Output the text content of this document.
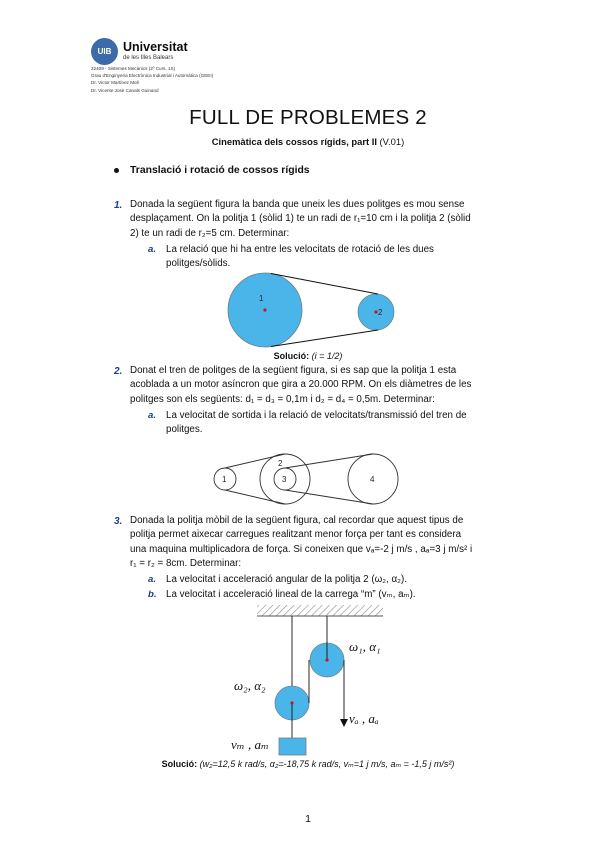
UIB Universitat
de les Illes Balears
22409 - Sistemes Mecànics (2º Curs, 1S)
Grau d'Enginyeria Electrònica Industrial i Automàtica (GEEI)
Dr. Victor Martínez Moll
Dr. Vicente Josè Canals Guinand
FULL DE PROBLEMES 2
Cinemàtica dels cossos rígids, part II (V.01)
Translació i rotació de cossos rígids
1. Donada la següent figura la banda que uneix les dues politges es mou sense
desplaçament. On la politja 1 (sòlid 1) te un radi de r₁=10 cm i la politja 2 (sòlid
2) te un radi de r₂=5 cm. Determinar:
a. La relació que hi ha entre les velocitats de rotació de les dues
politges/sòlids.
1
2
Solució: (i = 1/2)
2. Donat el tren de politges de la següent figura, si es sap que la politja 1 esta
acoblada a un motor asíncron que gira a 20.000 RPM. On els diàmetres de les
politges son els següents: d₁ = d₃ = 0,1m i d₂ = d₄ = 0,5m. Determinar:
a. La velocitat de sortida i la relació de velocitats/transmissió del tren de
politges.
1
2
3	4
3. Donada la politja mòbil de la següent figura, cal recordar que aquest tipus de
politja permet aixecar carregues realitzant menor força per tant es considera
una maquina multiplicadora de força. Si coneixen que vₐ=-2 j m/s , aₐ=3 j m/s² i
r₁ = r₂ = 8cm. Determinar:
a. La velocitat i acceleració angular de la politja 2 (ω₂, α₂).
b. La velocitat i acceleració lineal de la carrega “m” (vₘ, aₘ).
ω₁, α₁
ω₂, α₂
vₐ , aₐ
vₘ , aₘ
Solució: (w₂=12,5 k rad/s, α₂=-18,75 k rad/s, vₘ=1 j m/s, aₘ = -1,5 j m/s²)
1
